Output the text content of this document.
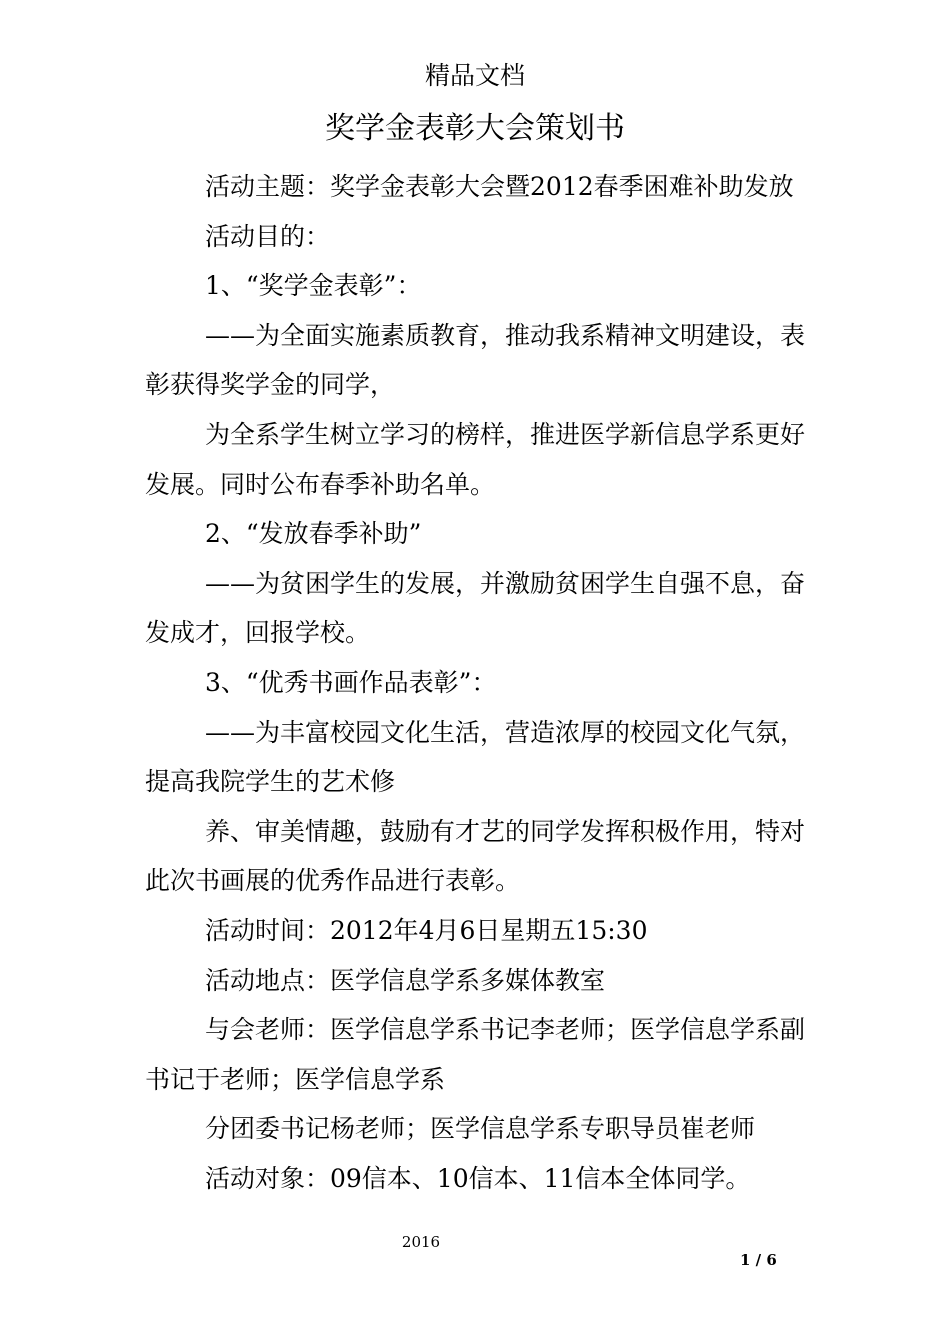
精品文档
奖学金表彰大会策划书

活动主题：奖学金表彰大会暨2012春季困难补助发放

活动目的：

1、“奖学金表彰”：

——为全面实施素质教育，推动我系精神文明建设，表彰获得奖学金的同学，

为全系学生树立学习的榜样，推进医学新信息学系更好发展。同时公布春季补助名单。

2、“发放春季补助”

——为贫困学生的发展，并激励贫困学生自强不息，奋发成才，回报学校。

3、“优秀书画作品表彰”：

——为丰富校园文化生活，营造浓厚的校园文化气氛，提高我院学生的艺术修

养、审美情趣，鼓励有才艺的同学发挥积极作用，特对此次书画展的优秀作品进行表彰。

活动时间：2012年4月6日星期五15:30

活动地点：医学信息学系多媒体教室

与会老师：医学信息学系书记李老师；医学信息学系副书记于老师；医学信息学系

分团委书记杨老师；医学信息学系专职导员崔老师

活动对象：09信本、10信本、11信本全体同学。

2016
1 / 6
